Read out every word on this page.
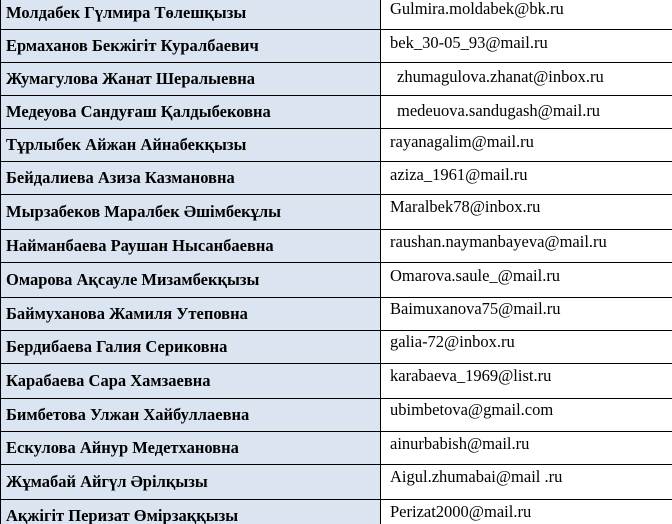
Молдабек Гүлмира Төлешқызы	Gulmira.moldabek@bk.ru

Ермаханов Бекжігіт Куралбаевич	bek_30-05_93@mail.ru

Жумагулова Жанат Шералыевна	zhumagulova.zhanat@inbox.ru

Медеуова Сандуғаш Қалдыбековна	medeuova.sandugash@mail.ru

Тұрлыбек Айжан Айнабекқызы	rayanagalim@mail.ru

Бейдалиева Азиза Казмановна	aziza_1961@mail.ru

Мырзабеков Маралбек Әшімбекұлы	Maralbek78@inbox.ru

Найманбаева Раушан Нысанбаевна	raushan.naymanbayeva@mail.ru

Омарова Ақсауле Мизамбекқызы	Omarova.saule_@mail.ru

Баймуханова Жамиля Утеповна	Baimuxanova75@mail.ru

Бердибаева Галия Сериковна	galia-72@inbox.ru

Карабаева Сара Хамзаевна	karabaeva_1969@list.ru

Бимбетова Улжан Хайбуллаевна	ubimbetova@gmail.com

Ескулова Айнур Медетхановна	ainurbabish@mail.ru

Жұмабай Айгүл Әрілқызы	Aigul.zhumabai@mail .ru

Ақжігіт Перизат Өмірзаққызы	Perizat2000@mail.ru
